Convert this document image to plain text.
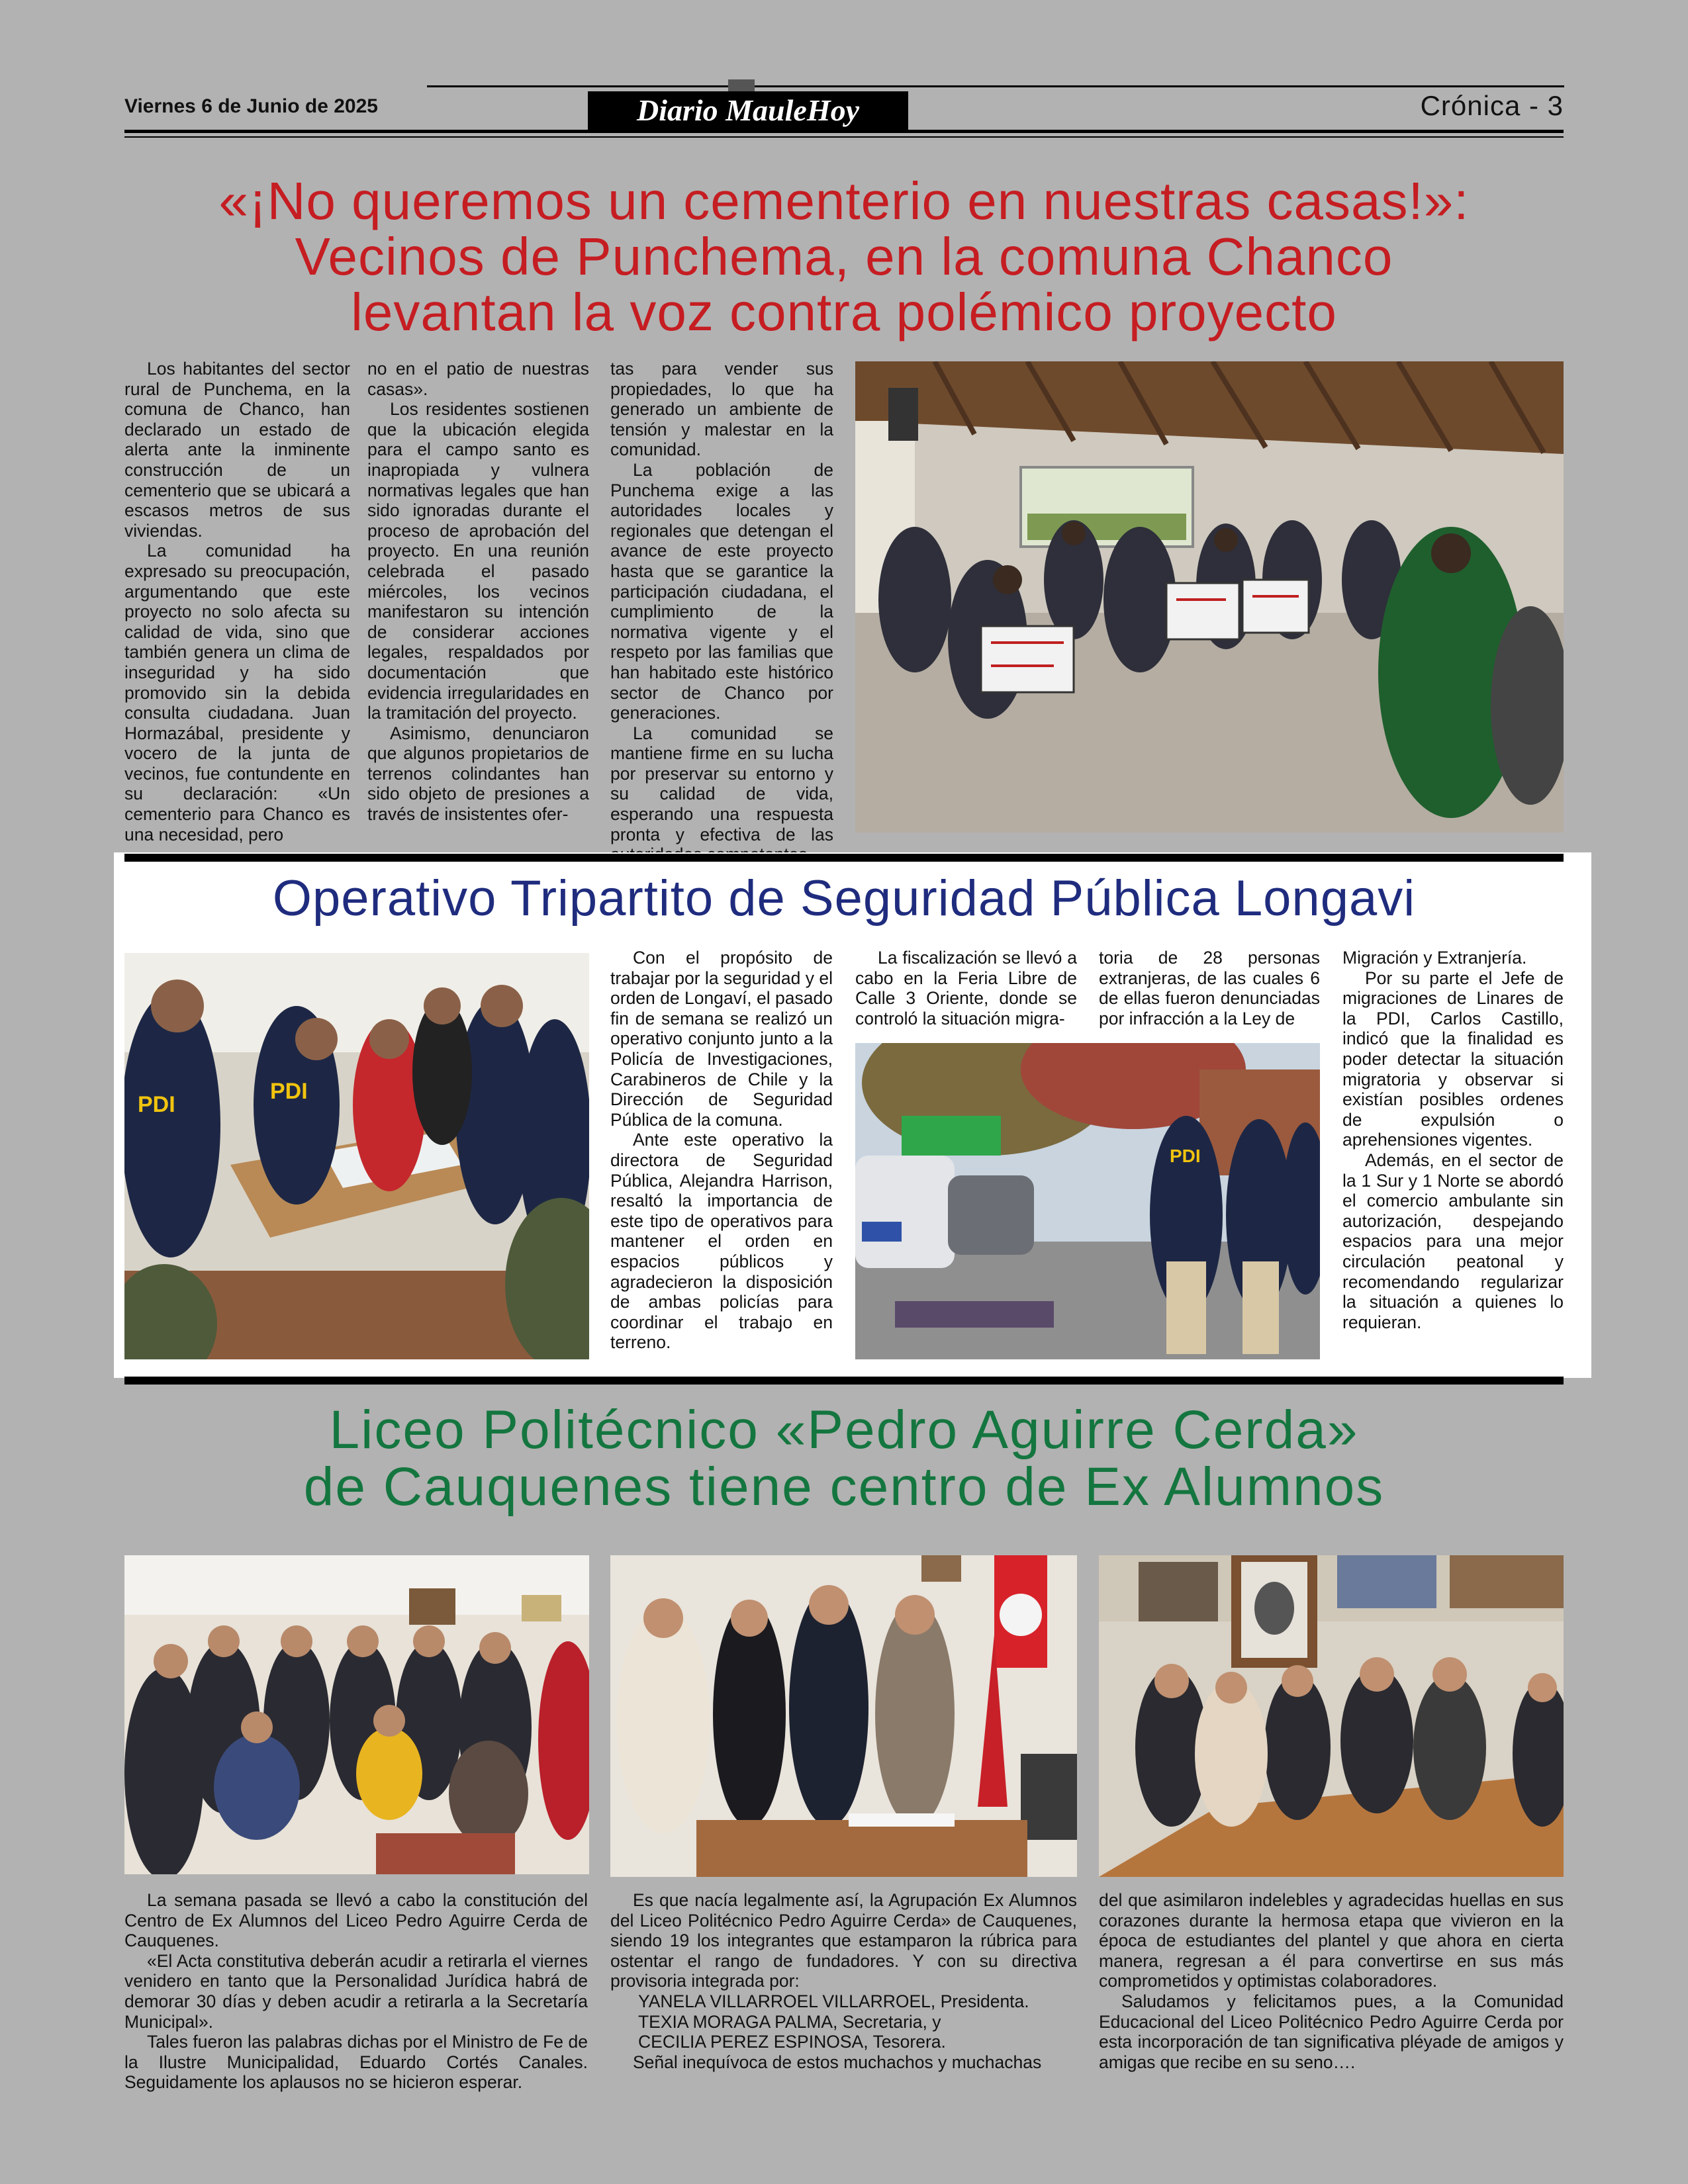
Viernes 6 de Junio de 2025	Diario MauleHoy	Crónica - 3
«¡No queremos un cementerio en nuestras casas!»:
Vecinos de Punchema, en la comuna Chanco
levantan la voz contra polémico proyecto

Los habitantes del sector rural de Punchema, en la comuna de Chanco, han declarado un estado de alerta ante la inminente construcción de un cementerio que se ubicará a escasos metros de sus viviendas.

La comunidad ha expresado su preocupación, argumentando que este proyecto no solo afecta su calidad de vida, sino que también genera un clima de inseguridad y ha sido promovido sin la debida consulta ciudadana. Juan Hormazábal, presidente y vocero de la junta de vecinos, fue contundente en su declaración: «Un cementerio para Chanco es una necesidad, pero

no en el patio de nuestras casas».

Los residentes sostienen que la ubicación elegida para el campo santo es inapropiada y vulnera normativas legales que han sido ignoradas durante el proceso de aprobación del proyecto. En una reunión celebrada el pasado miércoles, los vecinos manifestaron su intención de considerar acciones legales, respaldados por documentación que evidencia irregularidades en la tramitación del proyecto.

Asimismo, denunciaron que algunos propietarios de terrenos colindantes han sido objeto de presiones a través de insistentes ofer-

tas para vender sus propiedades, lo que ha generado un ambiente de tensión y malestar en la comunidad.

La población de Punchema exige a las autoridades locales y regionales que detengan el avance de este proyecto hasta que se garantice la participación ciudadana, el cumplimiento de la normativa vigente y el respeto por las familias que han habitado este histórico sector de Chanco por generaciones.

La comunidad se mantiene firme en su lucha por preservar su entorno y su calidad de vida, esperando una respuesta pronta y efectiva de las

Operativo Tripartito de Seguridad Pública Longavi
PDI
PDI

Con el propósito de trabajar por la seguridad y el orden de Longaví, el pasado fin de semana se realizó un operativo conjunto junto a la Policía de Investigaciones, Carabineros de Chile y la Dirección de Seguridad Pública de la comuna.

Ante este operativo la directora de Seguridad Pública, Alejandra Harrison, resaltó la importancia de este tipo de operativos para mantener el orden en espacios públicos y agradecieron la disposición de ambas policías para coordinar el trabajo en terreno.

La fiscalización se llevó a cabo en la Feria Libre de Calle 3 Oriente, donde se controló la situación migra-

toria de 28 personas extranjeras, de las cuales 6 de ellas fueron denunciadas por infracción a la Ley de

PDI

Migración y Extranjería.

Por su parte el Jefe de migraciones de Linares de la PDI, Carlos Castillo, indicó que la finalidad es poder detectar la situación migratoria y observar si existían posibles ordenes de expulsión o aprehensiones vigentes.

Además, en el sector de la 1 Sur y 1 Norte se abordó el comercio ambulante sin autorización, despejando espacios para una mejor circulación peatonal y recomendando regularizar la situación a quienes lo requieran.

Liceo Politécnico «Pedro Aguirre Cerda»
de Cauquenes tiene centro de Ex Alumnos

La semana pasada se llevó a cabo la constitución del Centro de Ex Alumnos del Liceo Pedro Aguirre Cerda de Cauquenes.

«El Acta constitutiva deberán acudir a retirarla el viernes venidero en tanto que la Personalidad Jurídica habrá de demorar 30 días y deben acudir a retirarla a la Secretaría Municipal».

Tales fueron las palabras dichas por el Ministro de Fe de la Ilustre Municipalidad, Eduardo Cortés Canales. Seguidamente los aplausos no se hicieron esperar.

Es que nacía legalmente así, la Agrupación Ex Alumnos del Liceo Politécnico Pedro Aguirre Cerda» de Cauquenes, siendo 19 los integrantes que estamparon la rúbrica para ostentar el rango de fundadores. Y con su directiva provisoria integrada por:

YANELA VILLARROEL VILLARROEL, Presidenta.
TEXIA MORAGA PALMA, Secretaria, y
CECILIA PEREZ ESPINOSA, Tesorera.

Señal inequívoca de estos muchachos y muchachas

del que asimilaron indelebles y agradecidas huellas en sus corazones durante la hermosa etapa que vivieron en la época de estudiantes del plantel y que ahora en cierta manera, regresan a él para convertirse en sus más comprometidos y optimistas colaboradores.

Saludamos y felicitamos pues, a la Comunidad Educacional del Liceo Politécnico Pedro Aguirre Cerda por esta incorporación de tan significativa pléyade de amigos y amigas que recibe en su seno….
